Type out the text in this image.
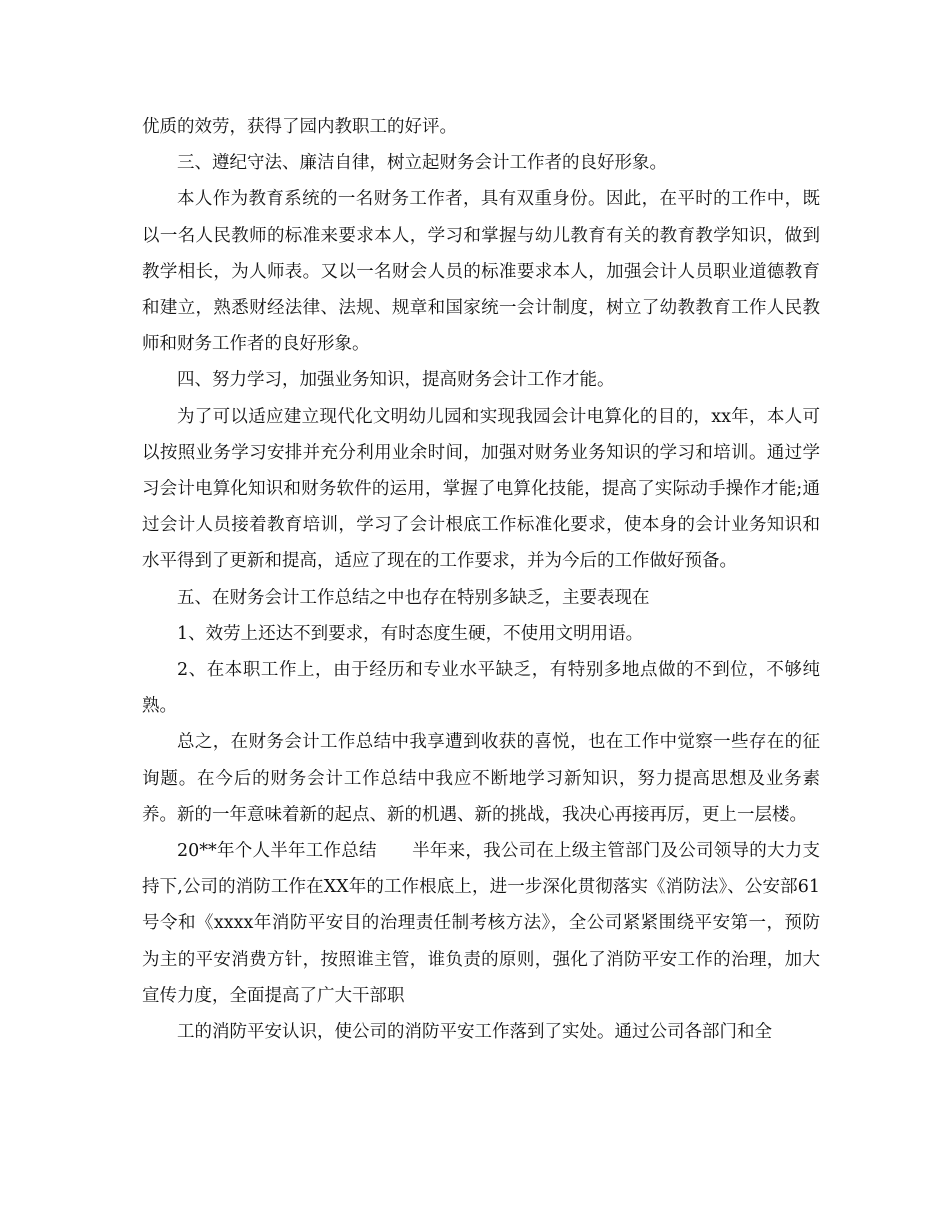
优质的效劳，获得了园内教职工的好评。

三、遵纪守法、廉洁自律，树立起财务会计工作者的良好形象。

本人作为教育系统的一名财务工作者，具有双重身份。因此，在平时的工作中，既以一名人民教师的标准来要求本人，学习和掌握与幼儿教育有关的教育教学知识，做到教学相长，为人师表。又以一名财会人员的标准要求本人，加强会计人员职业道德教育和建立，熟悉财经法律、法规、规章和国家统一会计制度，树立了幼教教育工作人民教师和财务工作者的良好形象。

四、努力学习，加强业务知识，提高财务会计工作才能。

为了可以适应建立现代化文明幼儿园和实现我园会计电算化的目的，xx年，本人可以按照业务学习安排并充分利用业余时间，加强对财务业务知识的学习和培训。通过学习会计电算化知识和财务软件的运用，掌握了电算化技能，提高了实际动手操作才能;通过会计人员接着教育培训，学习了会计根底工作标准化要求，使本身的会计业务知识和水平得到了更新和提高，适应了现在的工作要求，并为今后的工作做好预备。

五、在财务会计工作总结之中也存在特别多缺乏，主要表现在

1、效劳上还达不到要求，有时态度生硬，不使用文明用语。

2、在本职工作上，由于经历和专业水平缺乏，有特别多地点做的不到位，不够纯熟。

总之，在财务会计工作总结中我享遭到收获的喜悦，也在工作中觉察一些存在的征询题。在今后的财务会计工作总结中我应不断地学习新知识，努力提高思想及业务素养。新的一年意味着新的起点、新的机遇、新的挑战，我决心再接再厉，更上一层楼。

20**年个人半年工作总结　　半年来，我公司在上级主管部门及公司领导的大力支持下,公司的消防工作在XX年的工作根底上，进一步深化贯彻落实《消防法》、公安部61号令和《xxxx年消防平安目的治理责任制考核方法》，全公司紧紧围绕平安第一，预防为主的平安消费方针，按照谁主管，谁负责的原则，强化了消防平安工作的治理，加大宣传力度，全面提高了广大干部职

工的消防平安认识，使公司的消防平安工作落到了实处。通过公司各部门和全
